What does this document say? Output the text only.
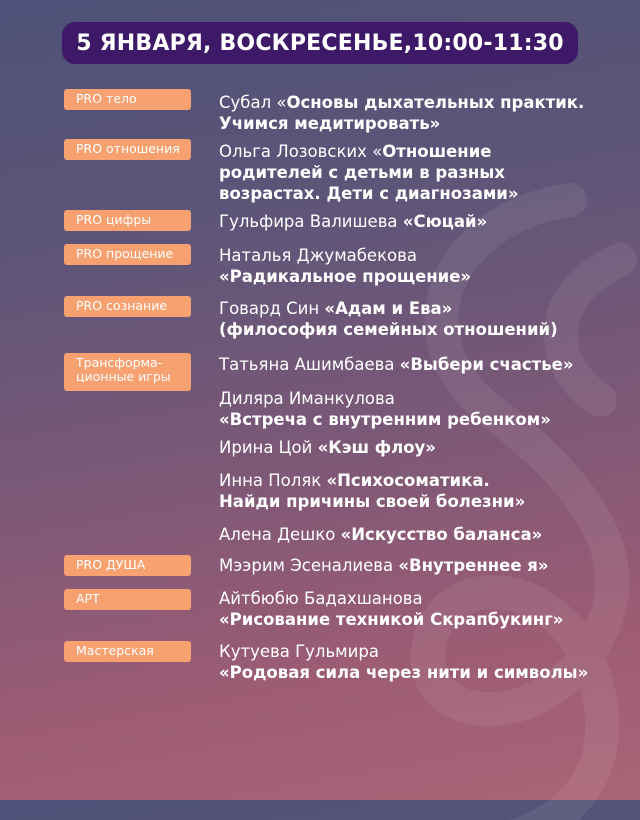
5 ЯНВАРЯ, ВОСКРЕСЕНЬЕ,10:00-11:30
PRO тело
PRO отношения
PRO цифры
PRO прощение
PRO сознание
Трансформа-
ционные игры
PRO ДУША
АРТ
Мастерская
Субал «Основы дыхательных практик.
Учимся медитировать»
Ольга Лозовских «Отношение
родителей с детьми в разных
возрастах. Дети с диагнозами»
Гульфира Валишева «Сюцай»
Наталья Джумабекова
«Радикальное прощение»
Говард Син «Адам и Ева»
(философия семейных отношений)
Татьяна Ашимбаева «Выбери счастье»
Диляра Иманкулова
«Встреча с внутренним ребенком»
Ирина Цой «Кэш флоу»
Инна Поляк «Психосоматика.
Найди причины своей болезни»
Алена Дешко «Искусство баланса»
Мээрим Эсеналиева «Внутреннее я»
Айтбюбю Бадахшанова
«Рисование техникой Скрапбукинг»
Кутуева Гульмира
«Родовая сила через нити и символы»
